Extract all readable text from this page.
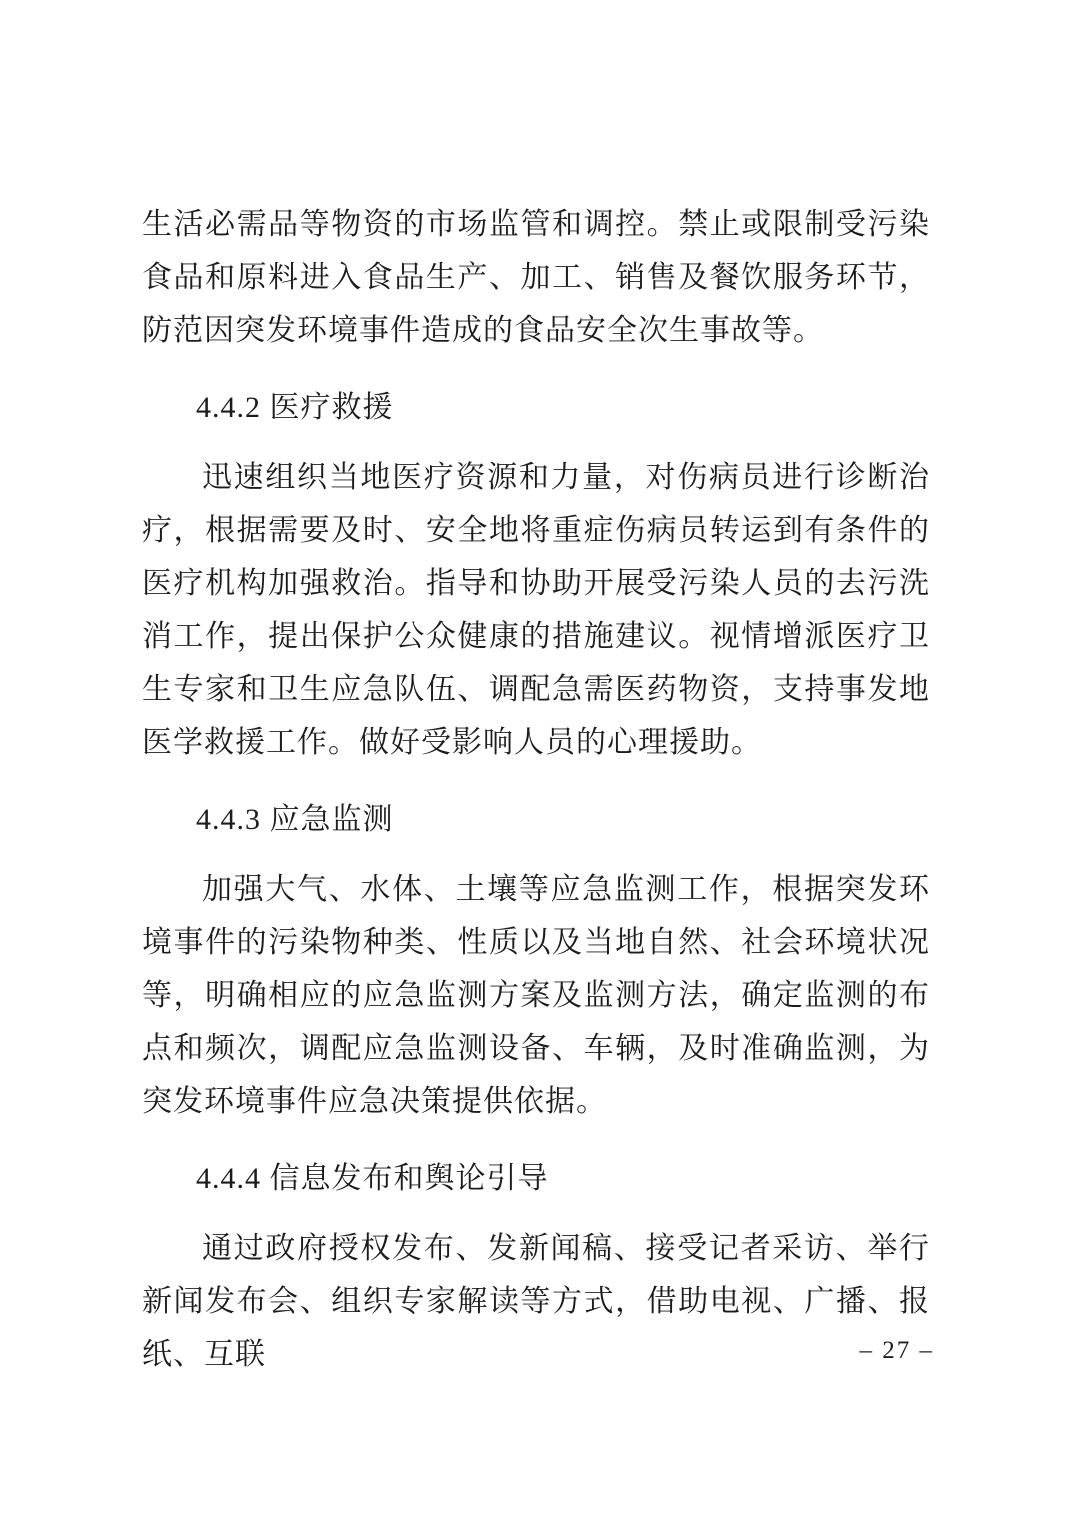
生活必需品等物资的市场监管和调控。禁止或限制受污染食品和原料进入食品生产、加工、销售及餐饮服务环节，防范因突发环境事件造成的食品安全次生事故等。

4.4.2 医疗救援

迅速组织当地医疗资源和力量，对伤病员进行诊断治疗，根据需要及时、安全地将重症伤病员转运到有条件的医疗机构加强救治。指导和协助开展受污染人员的去污洗消工作，提出保护公众健康的措施建议。视情增派医疗卫生专家和卫生应急队伍、调配急需医药物资，支持事发地医学救援工作。做好受影响人员的心理援助。

4.4.3 应急监测

加强大气、水体、土壤等应急监测工作，根据突发环境事件的污染物种类、性质以及当地自然、社会环境状况等，明确相应的应急监测方案及监测方法，确定监测的布点和频次，调配应急监测设备、车辆，及时准确监测，为突发环境事件应急决策提供依据。

4.4.4 信息发布和舆论引导

通过政府授权发布、发新闻稿、接受记者采访、举行新闻发布会、组织专家解读等方式，借助电视、广播、报纸、互联	– 27 –
